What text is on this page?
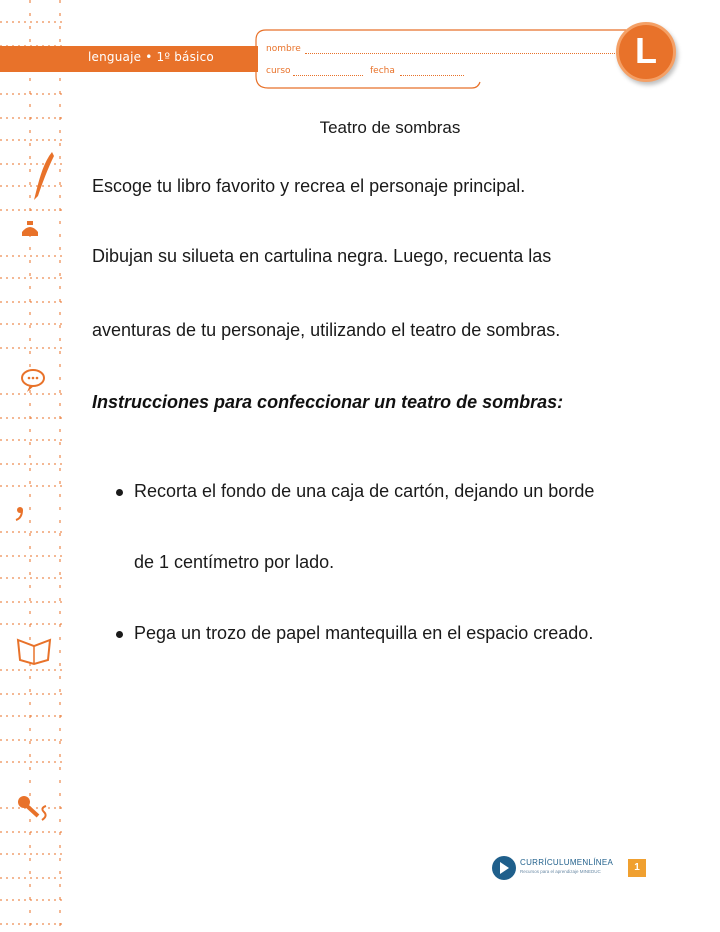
lenguaje • 1º básico
nombre
curso	fecha	L
Teatro de sombras
Escoge tu libro favorito y recrea el personaje principal.
Dibujan su silueta en cartulina negra. Luego, recuenta las
aventuras de tu personaje, utilizando el teatro de sombras.
Instrucciones para confeccionar un teatro de sombras:
Recorta el fondo de una caja de cartón, dejando un borde
de 1 centímetro por lado.
Pega un trozo de papel mantequilla en el espacio creado.
CURRÍCULUMENLÍNEA
Recursos para el aprendizaje MINEDUC	1
